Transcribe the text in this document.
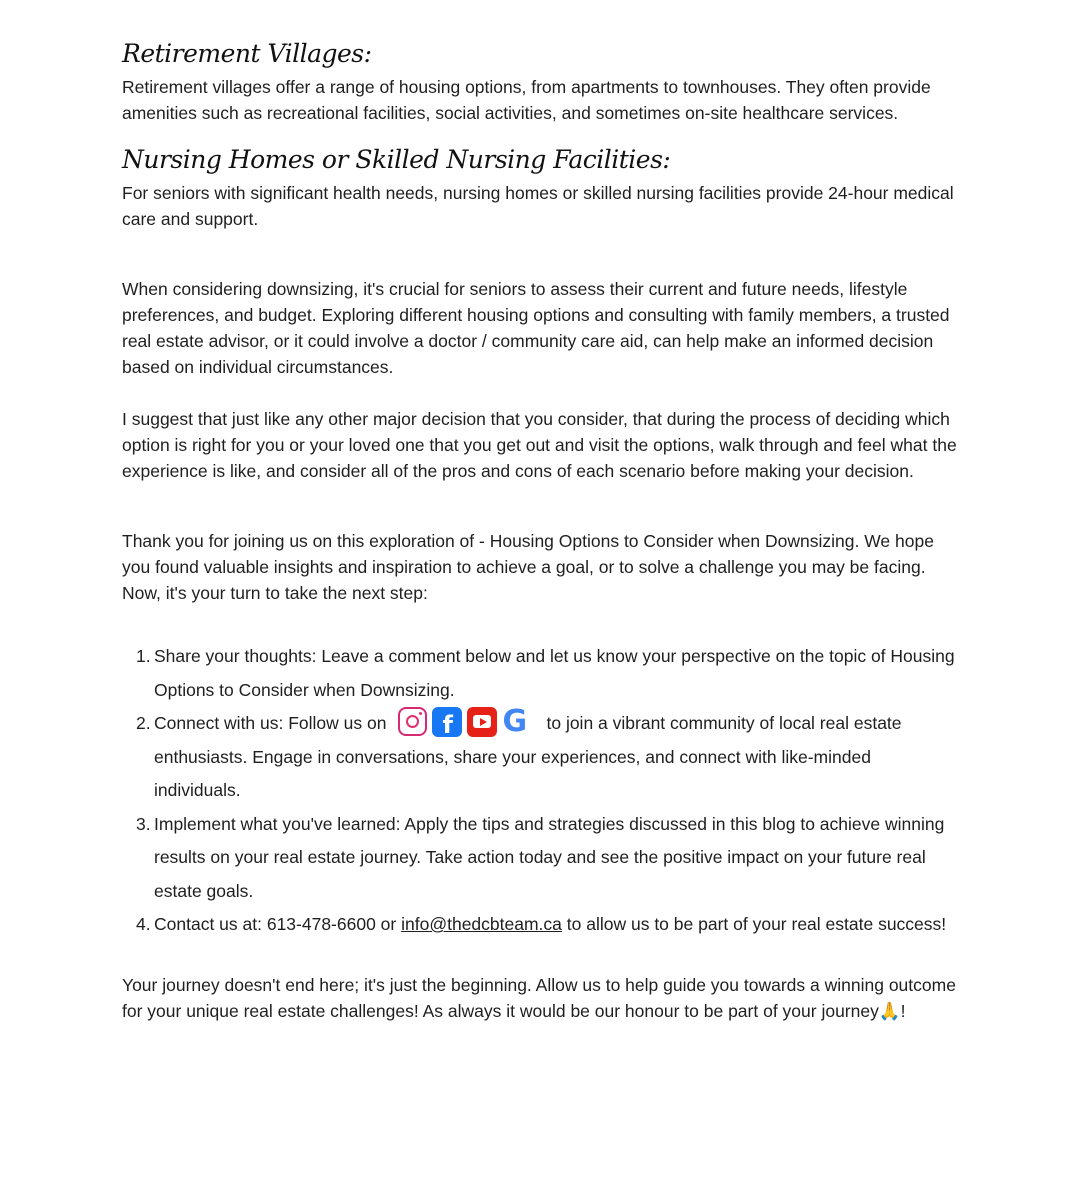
Retirement Villages:

Retirement villages offer a range of housing options, from apartments to townhouses. They often provide amenities such as recreational facilities, social activities, and sometimes on-site healthcare services.

Nursing Homes or Skilled Nursing Facilities:

For seniors with significant health needs, nursing homes or skilled nursing facilities provide 24-hour medical care and support.

When considering downsizing, it's crucial for seniors to assess their current and future needs, lifestyle preferences, and budget. Exploring different housing options and consulting with family members, a trusted real estate advisor, or it could involve a doctor / community care aid, can help make an informed decision based on individual circumstances.

I suggest that just like any other major decision that you consider, that during the process of deciding which option is right for you or your loved one that you get out and visit the options, walk through and feel what the experience is like, and consider all of the pros and cons of each scenario before making your decision.

Thank you for joining us on this exploration of - Housing Options to Consider when Downsizing. We hope you found valuable insights and inspiration to achieve a goal, or to solve a challenge you may be facing. Now, it's your turn to take the next step:

1. Share your thoughts: Leave a comment below and let us know your perspective on the topic of Housing Options to Consider when Downsizing.
2. Connect with us: Follow us on f G	to join a vibrant community of local real estate enthusiasts. Engage in conversations, share your experiences, and connect with like-minded individuals.
3. Implement what you've learned: Apply the tips and strategies discussed in this blog to achieve winning results on your real estate journey. Take action today and see the positive impact on your future real estate goals.
4. Contact us at: 613-478-6600 or info@thedcbteam.ca to allow us to be part of your real estate success!

Your journey doesn't end here; it's just the beginning. Allow us to help guide you towards a winning outcome for your unique real estate challenges! As always it would be our honour to be part of your journey🙏!
